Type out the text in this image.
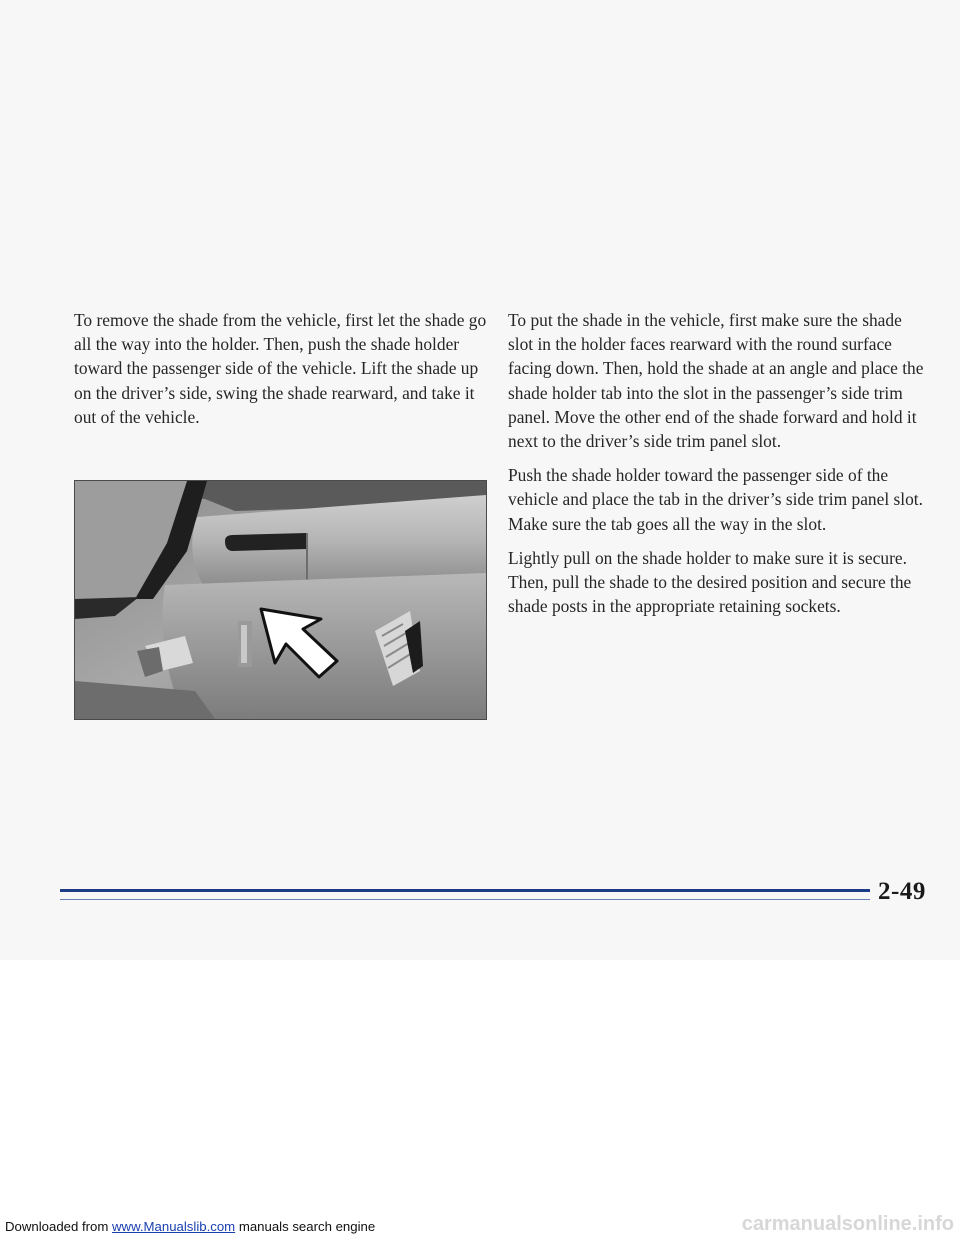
To remove the shade from the vehicle, first let the shade go all the way into the holder. Then, push the shade holder toward the passenger side of the vehicle. Lift the shade up on the driver’s side, swing the shade rearward, and take it out of the vehicle.

To put the shade in the vehicle, first make sure the shade slot in the holder faces rearward with the round surface facing down. Then, hold the shade at an angle and place the shade holder tab into the slot in the passenger’s side trim panel. Move the other end of the shade forward and hold it next to the driver’s side trim panel slot.

Push the shade holder toward the passenger side of the vehicle and place the tab in the driver’s side trim panel slot. Make sure the tab goes all the way in the slot.

Lightly pull on the shade holder to make sure it is secure. Then, pull the shade to the desired position and secure the shade posts in the appropriate retaining sockets.

2-49
Downloaded from www.Manualslib.com manuals search engine	carmanualsonline.info
